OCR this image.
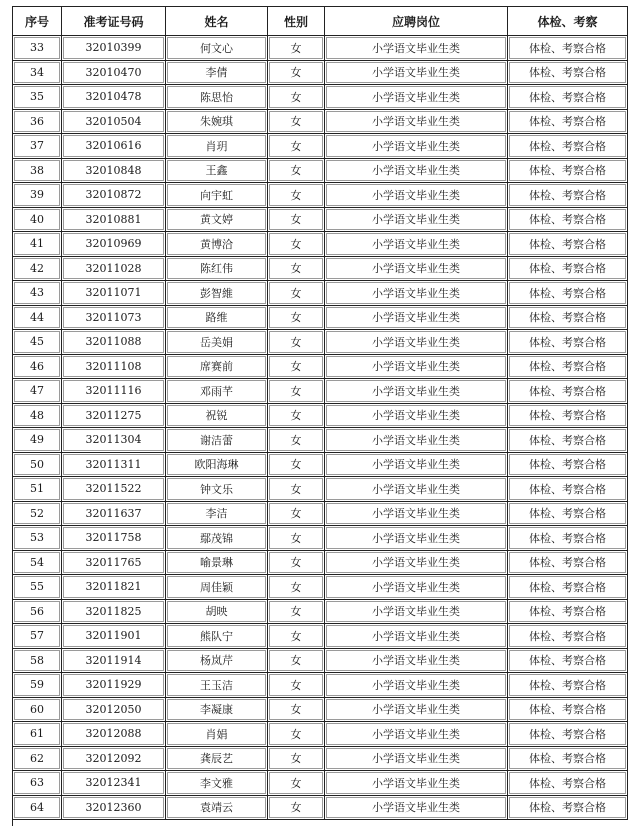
序号	准考证号码	姓名	性别	应聘岗位	体检、考察
33	32010399	何文心	女	小学语文毕业生类	体检、考察合格
34	32010470	李倩	女	小学语文毕业生类	体检、考察合格
35	32010478	陈思怡	女	小学语文毕业生类	体检、考察合格
36	32010504	朱婉琪	女	小学语文毕业生类	体检、考察合格
37	32010616	肖玥	女	小学语文毕业生类	体检、考察合格
38	32010848	王鑫	女	小学语文毕业生类	体检、考察合格
39	32010872	向宇虹	女	小学语文毕业生类	体检、考察合格
40	32010881	黄文婷	女	小学语文毕业生类	体检、考察合格
41	32010969	黄博洽	女	小学语文毕业生类	体检、考察合格
42	32011028	陈红伟	女	小学语文毕业生类	体检、考察合格
43	32011071	彭智維	女	小学语文毕业生类	体检、考察合格
44	32011073	路维	女	小学语文毕业生类	体检、考察合格
45	32011088	岳美娟	女	小学语文毕业生类	体检、考察合格
46	32011108	席赛前	女	小学语文毕业生类	体检、考察合格
47	32011116	邓雨芊	女	小学语文毕业生类	体检、考察合格
48	32011275	祝锐	女	小学语文毕业生类	体检、考察合格
49	32011304	谢洁蕾	女	小学语文毕业生类	体检、考察合格
50	32011311	欧阳海琳	女	小学语文毕业生类	体检、考察合格
51	32011522	钟文乐	女	小学语文毕业生类	体检、考察合格
52	32011637	李洁	女	小学语文毕业生类	体检、考察合格
53	32011758	鄢茂锦	女	小学语文毕业生类	体检、考察合格
54	32011765	喻景琳	女	小学语文毕业生类	体检、考察合格
55	32011821	周佳颖	女	小学语文毕业生类	体检、考察合格
56	32011825	胡映	女	小学语文毕业生类	体检、考察合格
57	32011901	熊队宁	女	小学语文毕业生类	体检、考察合格
58	32011914	杨岚芹	女	小学语文毕业生类	体检、考察合格
59	32011929	王玉洁	女	小学语文毕业生类	体检、考察合格
60	32012050	李凝康	女	小学语文毕业生类	体检、考察合格
61	32012088	肖娟	女	小学语文毕业生类	体检、考察合格
62	32012092	龚辰艺	女	小学语文毕业生类	体检、考察合格
63	32012341	李文雅	女	小学语文毕业生类	体检、考察合格
64	32012360	袁靖云	女	小学语文毕业生类	体检、考察合格
